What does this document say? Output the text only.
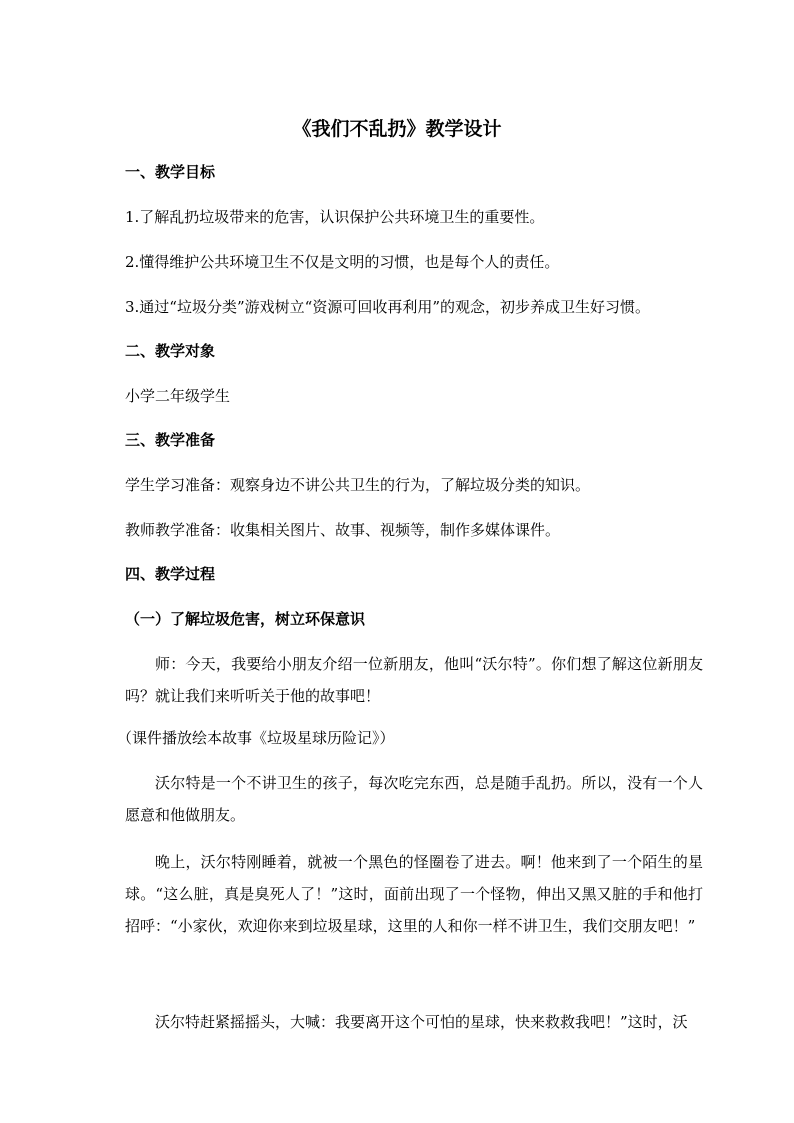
《我们不乱扔》教学设计
一、教学目标
1.了解乱扔垃圾带来的危害，认识保护公共环境卫生的重要性。
2.懂得维护公共环境卫生不仅是文明的习惯，也是每个人的责任。
3.通过“垃圾分类”游戏树立“资源可回收再利用”的观念，初步养成卫生好习惯。
二、教学对象
小学二年级学生
三、教学准备
学生学习准备：观察身边不讲公共卫生的行为，了解垃圾分类的知识。
教师教学准备：收集相关图片、故事、视频等，制作多媒体课件。
四、教学过程
（一）了解垃圾危害，树立环保意识
师：今天，我要给小朋友介绍一位新朋友，他叫“沃尔特”。你们想了解这位新朋友吗？就让我们来听听关于他的故事吧！
（课件播放绘本故事《垃圾星球历险记》）
沃尔特是一个不讲卫生的孩子，每次吃完东西，总是随手乱扔。所以，没有一个人愿意和他做朋友。
晚上，沃尔特刚睡着，就被一个黑色的怪圈卷了进去。啊！他来到了一个陌生的星球。“这么脏，真是臭死人了！”这时，面前出现了一个怪物，伸出又黑又脏的手和他打招呼：“小家伙，欢迎你来到垃圾星球，这里的人和你一样不讲卫生，我们交朋友吧！”
沃尔特赶紧摇摇头，大喊：我要离开这个可怕的星球，快来救救我吧！”这时，沃
